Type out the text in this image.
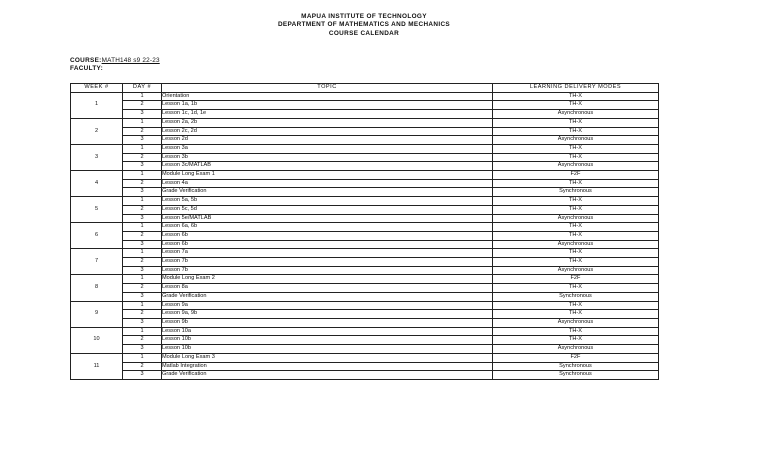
MAPUA INSTITUTE OF TECHNOLOGY
DEPARTMENT OF MATHEMATICS AND MECHANICS
COURSE CALENDAR
COURSE:MATH148 s9 22-23
FACULTY:
WEEK #	DAY #	TOPIC	LEARNING DELIVERY MODES
1	1	Orientation	TH-X
	2	Lesson 1a, 1b	TH-X
	3	Lesson 1c, 1d, 1e	Asynchronous
2	1	Lesson 2a, 2b	TH-X
	2	Lesson 2c, 2d	TH-X
	3	Lesson 2d	Asynchronous
3	1	Lesson 3a	TH-X
	2	Lesson 3b	TH-X
	3	Lesson 3c/MATLAB	Asynchronous
4	1	Module Long Exam 1	F2F
	2	Lesson 4a	TH-X
	3	Grade Verification	Synchronous
5	1	Lesson 5a, 5b	TH-X
	2	Lesson 5c, 5d	TH-X
	3	Lesson 5e/MATLAB	Asynchronous
6	1	Lesson 6a, 6b	TH-X
	2	Lesson 6b	TH-X
	3	Lesson 6b	Asynchronous
7	1	Lesson 7a	TH-X
	2	Lesson 7b	TH-X
	3	Lesson 7b	Asynchronous
8	1	Module Long Exam 2	F2F
	2	Lesson 8a	TH-X
	3	Grade Verification	Synchronous
9	1	Lesson 9a	TH-X
	2	Lesson 9a, 9b	TH-X
	3	Lesson 9b	Asynchronous
10	1	Lesson 10a	TH-X
	2	Lesson 10b	TH-X
	3	Lesson 10b	Asynchronous
11	1	Module Long Exam 3	F2F
	2	Matlab Integration	Synchronous
	3	Grade Verification	Synchronous
